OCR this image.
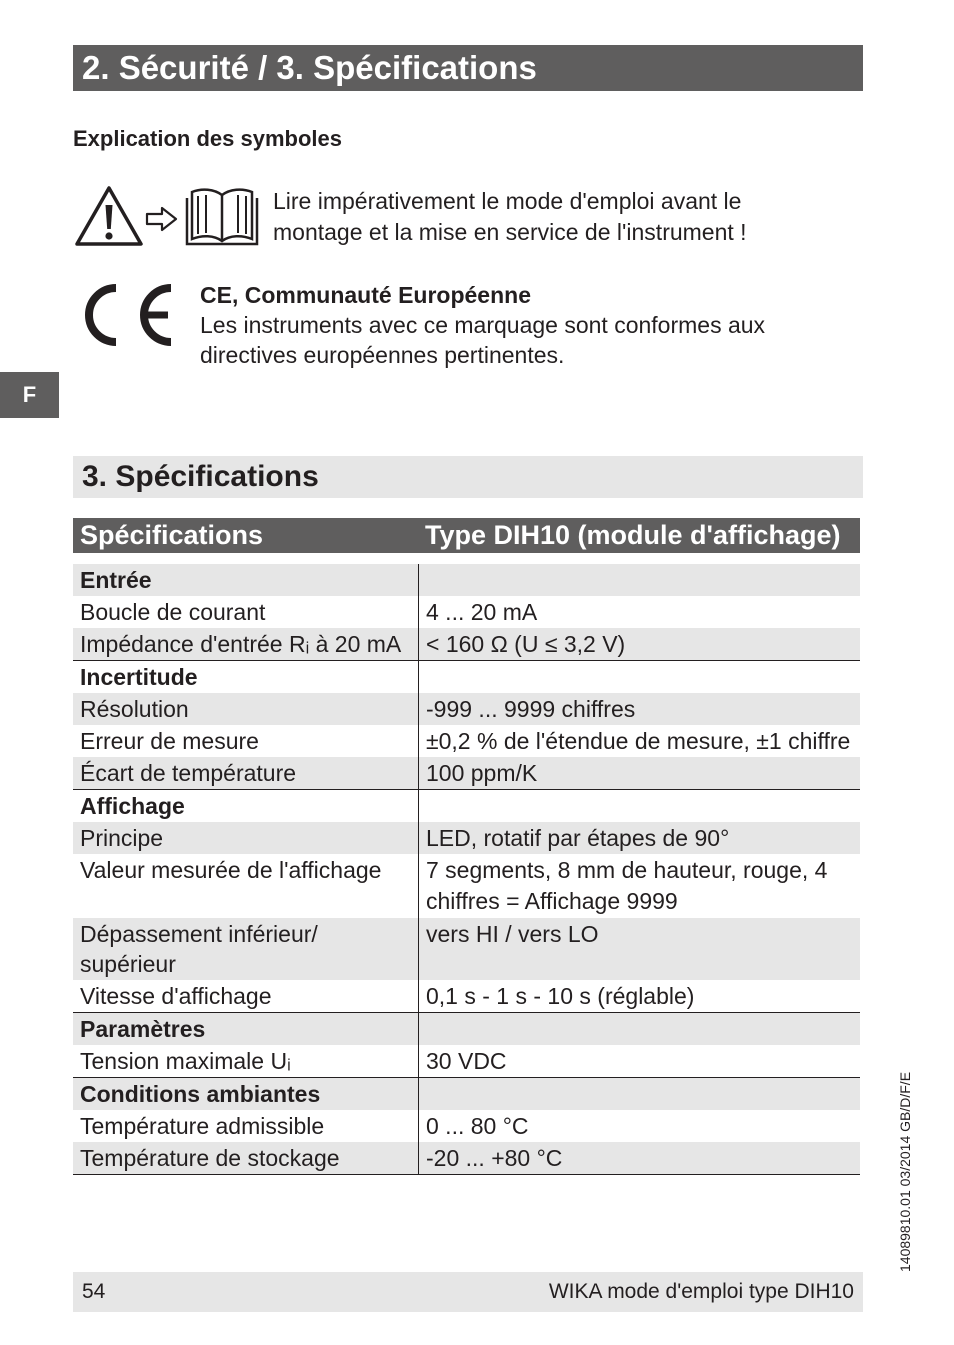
2. Sécurité / 3. Spécifications
Explication des symboles
Lire impérativement le mode d'emploi avant le
montage et la mise en service de l'instrument !
CE, Communauté Européenne
Les instruments avec ce marquage sont conformes aux
directives européennes pertinentes.
F
3. Spécifications
Spécifications	Type DIH10 (module d'affichage)
Entrée	
Boucle de courant	4 ... 20 mA
Impédance d'entrée Rᵢ à 20 mA	< 160 Ω (U ≤ 3,2 V)
Incertitude	
Résolution	-999 ... 9999 chiffres
Erreur de mesure	±0,2 % de l'étendue de mesure, ±1 chiffre
Écart de température	100 ppm/K
Affichage	
Principe	LED, rotatif par étapes de 90°
Valeur mesurée de l'affichage	7 segments, 8 mm de hauteur, rouge, 4 chiffres = Affichage 9999
Dépassement inférieur/ supérieur	vers HI / vers LO
Vitesse d'affichage	0,1 s - 1 s - 10 s (réglable)
Paramètres	
Tension maximale Uᵢ	30 VDC
Conditions ambiantes	
Température admissible	0 ... 80 °C
Température de stockage	-20 ... +80 °C
54	WIKA mode d'emploi type DIH10
14089810.01 03/2014 GB/D/F/E
